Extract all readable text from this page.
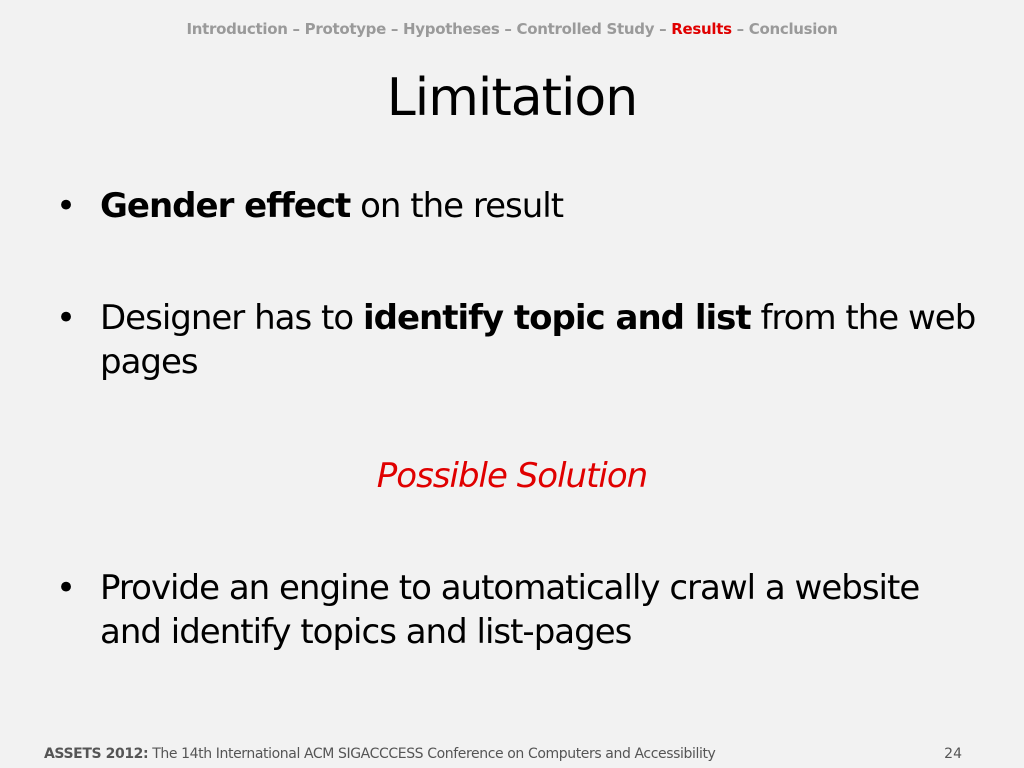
Introduction – Prototype – Hypotheses – Controlled Study – Results – Conclusion
Limitation
• Gender effect on the result
• Designer has to identify topic and list from the web pages
Possible Solution
• Provide an engine to automatically crawl a website and identify topics and list-pages
ASSETS 2012: The 14th International ACM SIGACCCESS Conference on Computers and Accessibility	24
